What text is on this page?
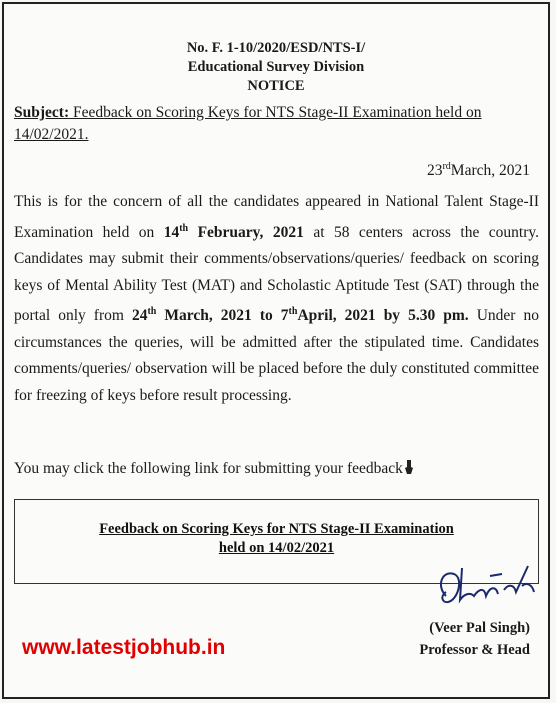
No. F. 1-10/2020/ESD/NTS-I/
Educational Survey Division
NOTICE
Subject: Feedback on Scoring Keys for NTS Stage-II Examination held on 14/02/2021.
23rdMarch, 2021
This is for the concern of all the candidates appeared in National Talent Stage-II Examination held on 14th February, 2021 at 58 centers across the country. Candidates may submit their comments/observations/queries/ feedback on scoring keys of Mental Ability Test (MAT) and Scholastic Aptitude Test (SAT) through the portal only from 24th March, 2021 to 7thApril, 2021 by 5.30 pm. Under no circumstances the queries, will be admitted after the stipulated time. Candidates comments/queries/ observation will be placed before the duly constituted committee for freezing of keys before result processing.
You may click the following link for submitting your feedback
Feedback on Scoring Keys for NTS Stage-II Examination
held on 14/02/2021
(Veer Pal Singh)
Professor & Head
www.latestjobhub.in
